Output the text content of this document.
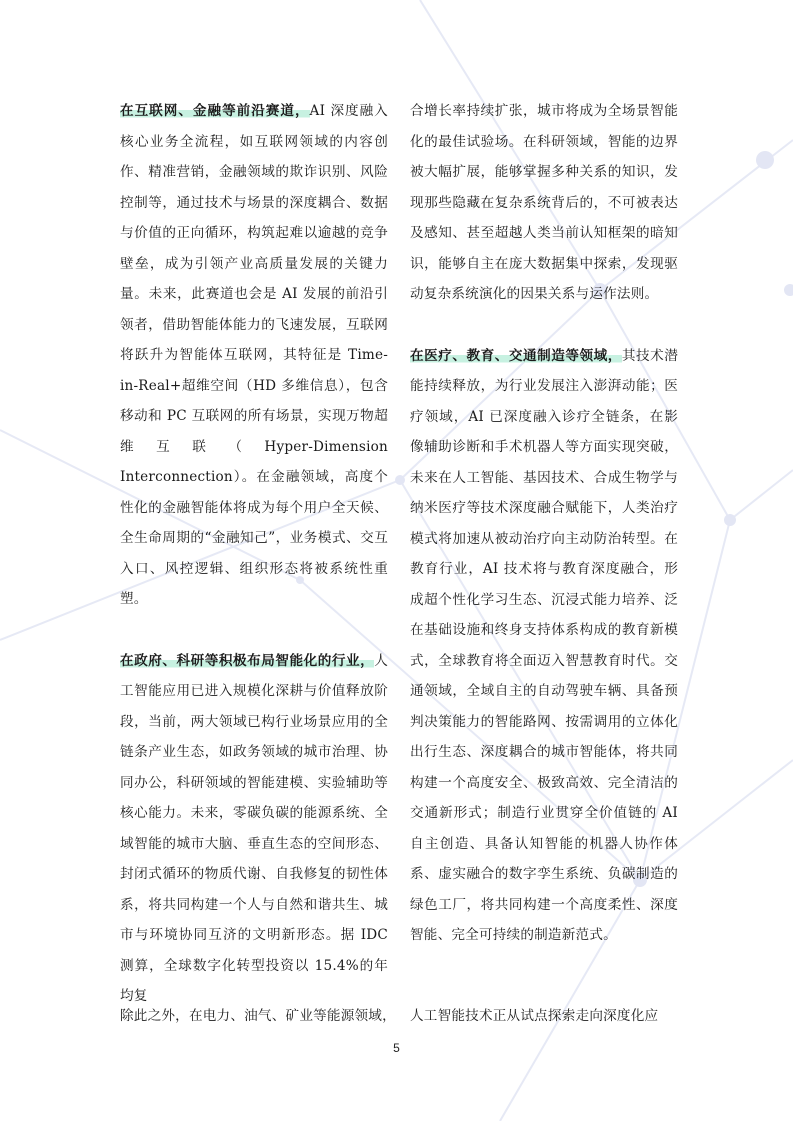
在互联网、金融等前沿赛道，AI 深度融入核心业务全流程，如互联网领域的内容创作、精准营销，金融领域的欺诈识别、风险控制等，通过技术与场景的深度耦合、数据与价值的正向循环，构筑起难以逾越的竞争壁垒，成为引领产业高质量发展的关键力量。未来，此赛道也会是 AI 发展的前沿引领者，借助智能体能力的飞速发展，互联网将跃升为智能体互联网，其特征是 Time-in-Real+超维空间（HD 多维信息），包含移动和 PC 互联网的所有场景，实现万物超维互联（Hyper-Dimension Interconnection）。在金融领域，高度个性化的金融智能体将成为每个用户全天候、全生命周期的“金融知己”，业务模式、交互入口、风控逻辑、组织形态将被系统性重塑。

在政府、科研等积极布局智能化的行业，人工智能应用已进入规模化深耕与价值释放阶段，当前，两大领域已构行业场景应用的全链条产业生态，如政务领域的城市治理、协同办公，科研领域的智能建模、实验辅助等核心能力。未来，零碳负碳的能源系统、全域智能的城市大脑、垂直生态的空间形态、封闭式循环的物质代谢、自我修复的韧性体系，将共同构建一个人与自然和谐共生、城市与环境协同互济的文明新形态。据 IDC 测算，全球数字化转型投资以 15.4%的年均复

合增长率持续扩张，城市将成为全场景智能化的最佳试验场。在科研领域，智能的边界被大幅扩展，能够掌握多种关系的知识，发现那些隐藏在复杂系统背后的，不可被表达及感知、甚至超越人类当前认知框架的暗知识，能够自主在庞大数据集中探索，发现驱动复杂系统演化的因果关系与运作法则。

在医疗、教育、交通制造等领域，其技术潜能持续释放，为行业发展注入澎湃动能；医疗领域，AI 已深度融入诊疗全链条，在影像辅助诊断和手术机器人等方面实现突破，未来在人工智能、基因技术、合成生物学与纳米医疗等技术深度融合赋能下，人类治疗模式将加速从被动治疗向主动防治转型。在教育行业，AI 技术将与教育深度融合，形成超个性化学习生态、沉浸式能力培养、泛在基础设施和终身支持体系构成的教育新模式，全球教育将全面迈入智慧教育时代。交通领域，全域自主的自动驾驶车辆、具备预判决策能力的智能路网、按需调用的立体化出行生态、深度耦合的城市智能体，将共同构建一个高度安全、极致高效、完全清洁的交通新形式；制造行业贯穿全价值链的 AI 自主创造、具备认知智能的机器人协作体系、虚实融合的数字孪生系统、负碳制造的绿色工厂，将共同构建一个高度柔性、深度智能、完全可持续的制造新范式。

除此之外，在电力、油气、矿业等能源领域， 人工智能技术正从试点探索走向深度化应

5
